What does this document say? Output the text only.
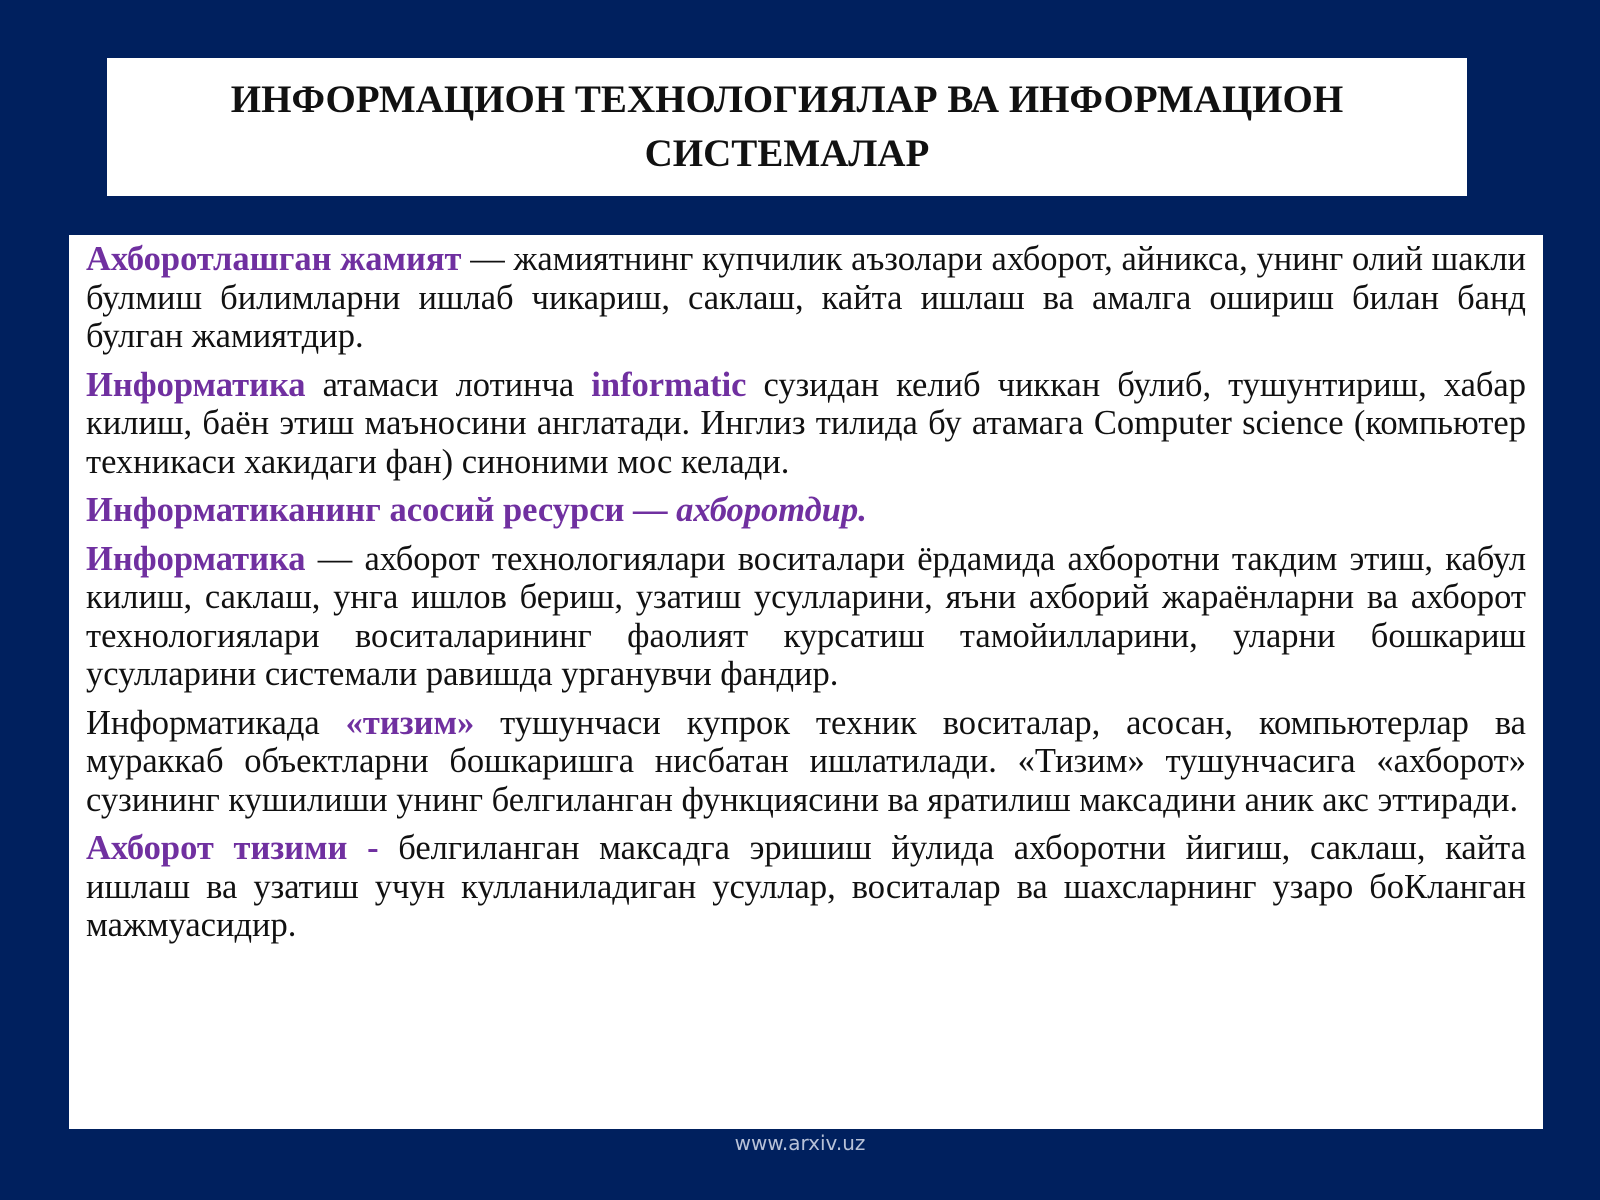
ИНФОРМАЦИОН ТЕХНОЛОГИЯЛАР ВА ИНФОРМАЦИОН
СИСТЕМАЛАР

Ахборотлашган жамият — жамиятнинг купчилик аъзолари ахборот, айникса, унинг олий шакли булмиш билимларни ишлаб чикариш, саклаш, кайта ишлаш ва амалга ошириш билан банд булган жамиятдир.

Информатика атамаси лотинча informatic сузидан келиб чиккан булиб, тушунтириш, хабар килиш, баён этиш маъносини англатади. Инглиз тилида бу атамага Computer science (компьютер техникаси хакидаги фан) синоними мос келади.

Информатиканинг асосий ресурси — ахборотдир.

Информатика — ахборот технологиялари воситалари ёрдамида ахборотни такдим этиш, кабул килиш, саклаш, унга ишлов бериш, узатиш усулларини, яъни ахборий жараёнларни ва ахборот технологиялари воситаларининг фаолият курсатиш тамойилларини, уларни бошкариш усулларини системали равишда урганувчи фандир.

Информатикада «тизим» тушунчаси купрок техник воситалар, асосан, компьютерлар ва мураккаб объектларни бошкаришга нисбатан ишлатилади. «Тизим» тушунчасига «ахборот» сузининг кушилиши унинг белгиланган функциясини ва яратилиш максадини аник акс эттиради.

Ахборот тизими - белгиланган максадга эришиш йулида ахборотни йигиш, саклаш, кайта ишлаш ва узатиш учун кулланиладиган усуллар, воситалар ва шахсларнинг узаро боКланган мажмуасидир.

www.arxiv.uz
